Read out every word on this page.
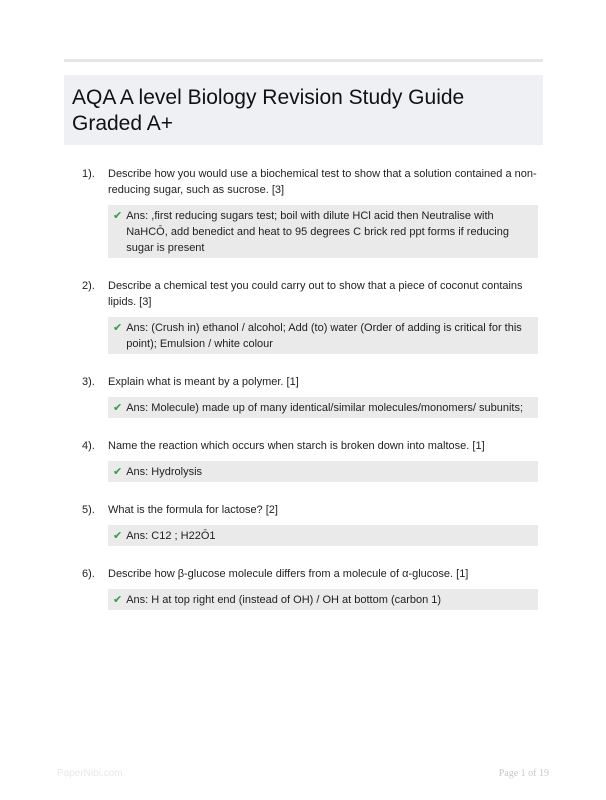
AQA A level Biology Revision Study Guide Graded A+
1).	Describe how you would use a biochemical test to show that a solution contained a non-reducing sugar, such as sucrose. [3]

✔ Ans: ,first reducing sugars test; boil with dilute HCl acid then Neutralise with NaHCŌ, add benedict and heat to 95 degrees C brick red ppt forms if reducing sugar is present
2).	Describe a chemical test you could carry out to show that a piece of coconut contains lipids. [3]

✔ Ans: (Crush in) ethanol / alcohol; Add (to) water (Order of adding is critical for this point); Emulsion / white colour
3).	Explain what is meant by a polymer. [1]

✔ Ans: Molecule) made up of many identical/similar molecules/monomers/ subunits;
4).	Name the reaction which occurs when starch is broken down into maltose. [1]

✔ Ans: Hydrolysis
5).	What is the formula for lactose? [2]

✔ Ans: C12 ; H22Ō1
6).	Describe how β-glucose molecule differs from a molecule of α-glucose. [1]

✔ Ans: H at top right end (instead of OH) / OH at bottom (carbon 1)
PaperNibi.com	Page 1 of 19
